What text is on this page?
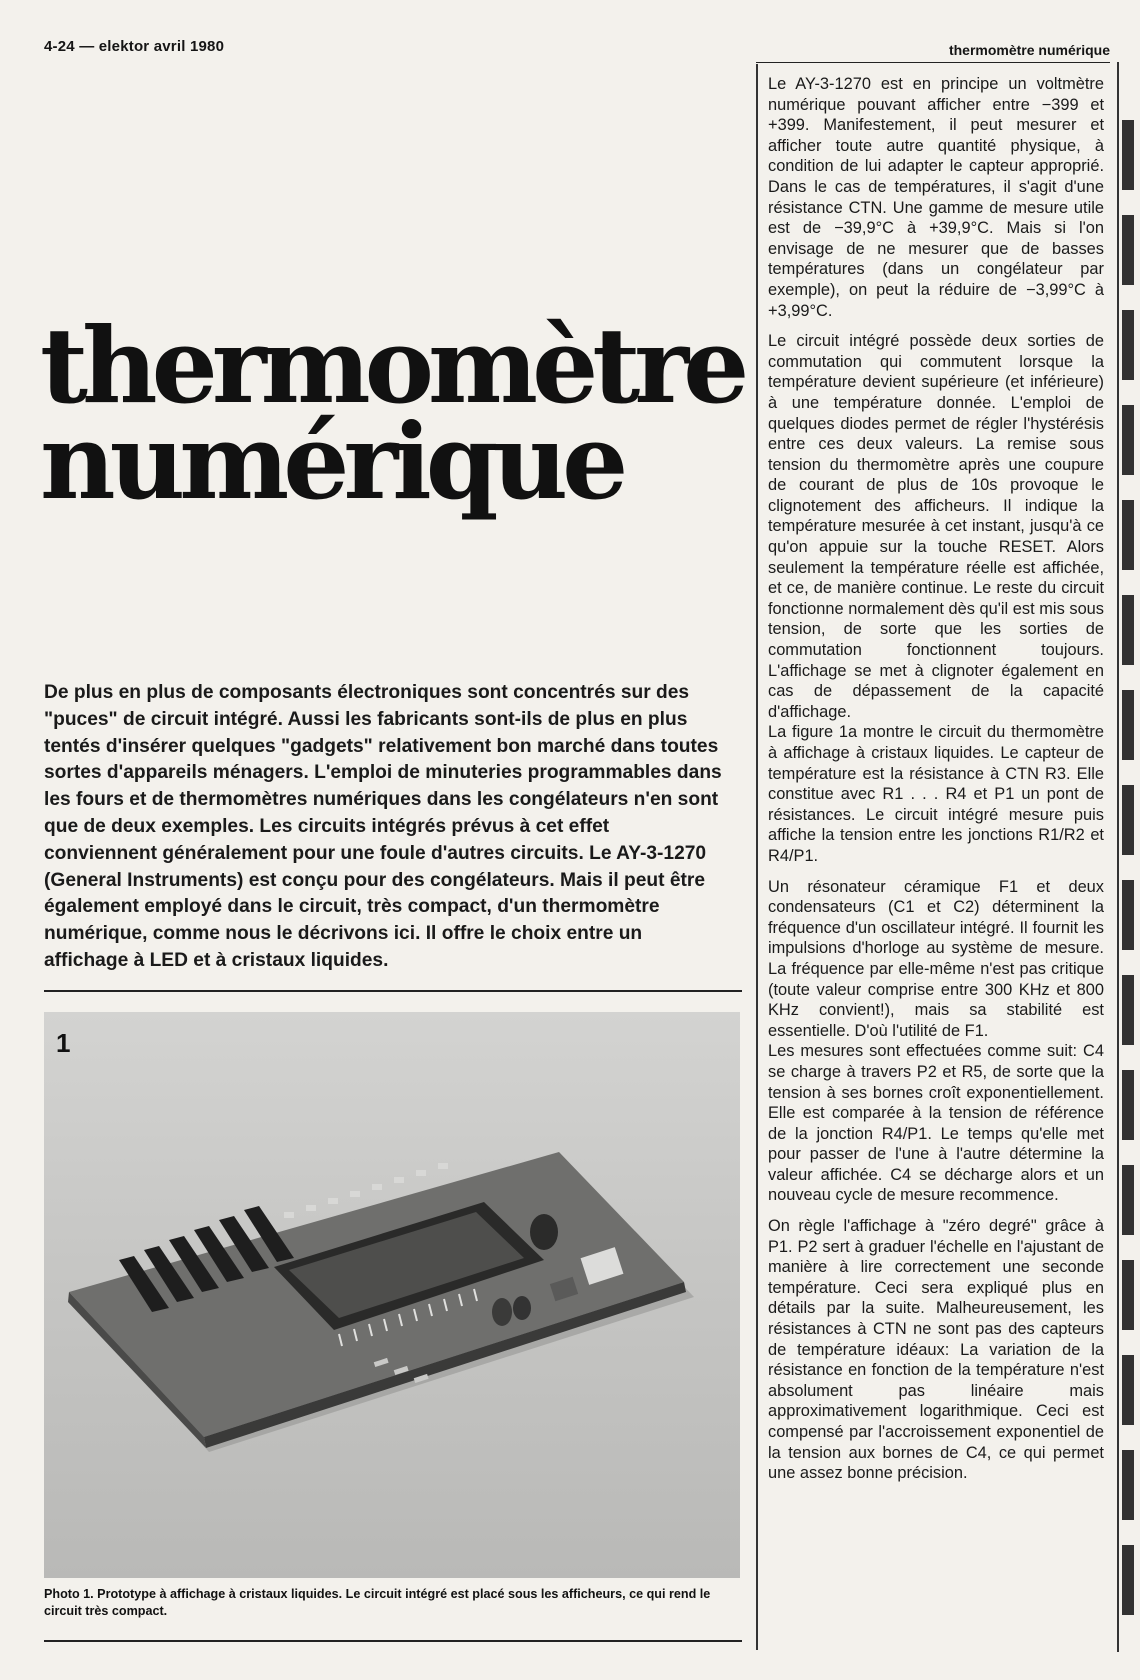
4-24 — elektor avril 1980	thermomètre numérique
thermomètre
numérique
De plus en plus de composants électroniques sont concentrés sur des "puces" de circuit intégré. Aussi les fabricants sont-ils de plus en plus tentés d'insérer quelques "gadgets" relativement bon marché dans toutes sortes d'appareils ménagers. L'emploi de minuteries programmables dans les fours et de thermomètres numériques dans les congélateurs n'en sont que de deux exemples. Les circuits intégrés prévus à cet effet conviennent généralement pour une foule d'autres circuits. Le AY-3-1270 (General Instruments) est conçu pour des congélateurs. Mais il peut être également employé dans le circuit, très compact, d'un thermomètre numérique, comme nous le décrivons ici. Il offre le choix entre un affichage à LED et à cristaux liquides.
1
Photo 1. Prototype à affichage à cristaux liquides. Le circuit intégré est placé sous les afficheurs, ce qui rend le circuit très compact.

Le AY-3-1270 est en principe un voltmètre numérique pouvant afficher entre −399 et +399. Manifestement, il peut mesurer et afficher toute autre quantité physique, à condition de lui adapter le capteur approprié. Dans le cas de températures, il s'agit d'une résistance CTN. Une gamme de mesure utile est de −39,9°C à +39,9°C. Mais si l'on envisage de ne mesurer que de basses températures (dans un congélateur par exemple), on peut la réduire de −3,99°C à +3,99°C.

Le circuit intégré possède deux sorties de commutation qui commutent lorsque la température devient supérieure (et inférieure) à une température donnée. L'emploi de quelques diodes permet de régler l'hystérésis entre ces deux valeurs. La remise sous tension du thermomètre après une coupure de courant de plus de 10s provoque le clignotement des afficheurs. Il indique la température mesurée à cet instant, jusqu'à ce qu'on appuie sur la touche RESET. Alors seulement la température réelle est affichée, et ce, de manière continue. Le reste du circuit fonctionne normalement dès qu'il est mis sous tension, de sorte que les sorties de commutation fonctionnent toujours. L'affichage se met à clignoter également en cas de dépassement de la capacité d'affichage.

La figure 1a montre le circuit du thermomètre à affichage à cristaux liquides. Le capteur de température est la résistance à CTN R3. Elle constitue avec R1 . . . R4 et P1 un pont de résistances. Le circuit intégré mesure puis affiche la tension entre les jonctions R1/R2 et R4/P1.

Un résonateur céramique F1 et deux condensateurs (C1 et C2) déterminent la fréquence d'un oscillateur intégré. Il fournit les impulsions d'horloge au système de mesure. La fréquence par elle-même n'est pas critique (toute valeur comprise entre 300 KHz et 800 KHz convient!), mais sa stabilité est essentielle. D'où l'utilité de F1.

Les mesures sont effectuées comme suit: C4 se charge à travers P2 et R5, de sorte que la tension à ses bornes croît exponentiellement. Elle est comparée à la tension de référence de la jonction R4/P1. Le temps qu'elle met pour passer de l'une à l'autre détermine la valeur affichée. C4 se décharge alors et un nouveau cycle de mesure recommence.

On règle l'affichage à "zéro degré" grâce à P1. P2 sert à graduer l'échelle en l'ajustant de manière à lire correctement une seconde température. Ceci sera expliqué plus en détails par la suite. Malheureusement, les résistances à CTN ne sont pas des capteurs de température idéaux: La variation de la résistance en fonction de la température n'est absolument pas linéaire mais approximativement logarithmique. Ceci est compensé par l'accroissement exponentiel de la tension aux bornes de C4, ce qui permet une assez bonne précision.
